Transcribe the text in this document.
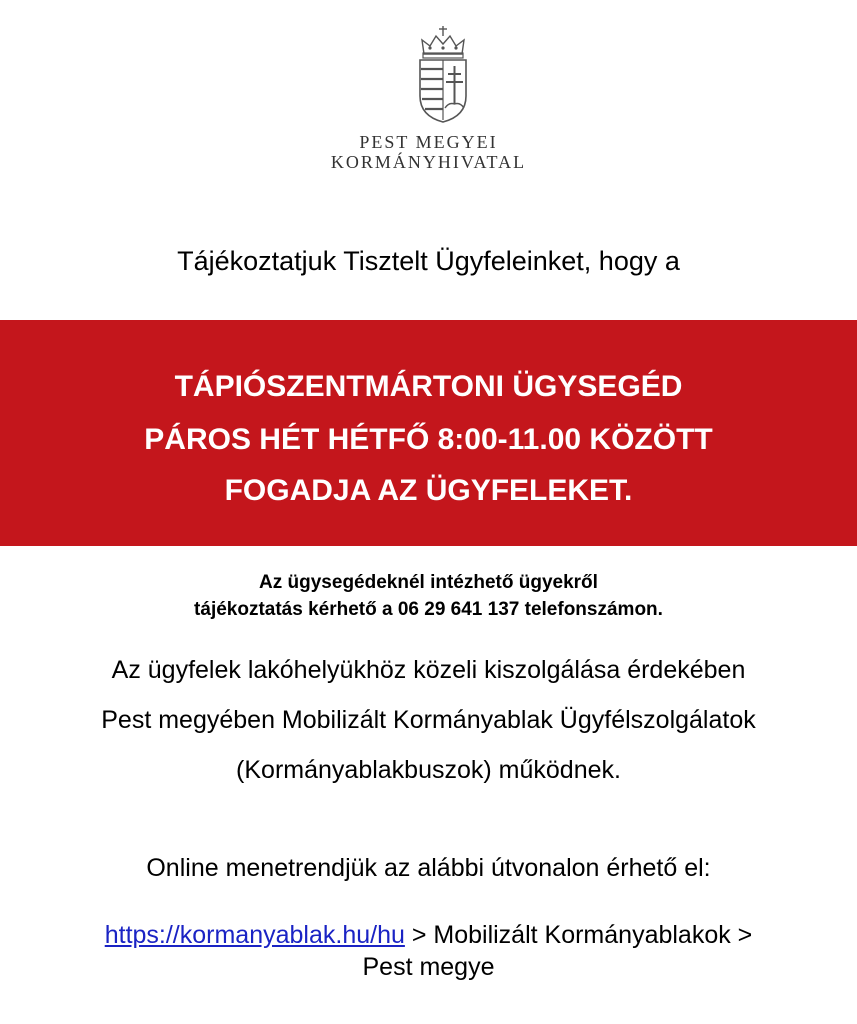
PEST MEGYEI
KORMÁNYHIVATAL
Tájékoztatjuk Tisztelt Ügyfeleinket, hogy a
TÁPIÓSZENTMÁRTONI ÜGYSEGÉD
PÁROS HÉT HÉTFŐ 8:00-11.00 KÖZÖTT
FOGADJA AZ ÜGYFELEKET.
Az ügysegédeknél intézhető ügyekről
tájékoztatás kérhető a 06 29 641 137 telefonszámon.
Az ügyfelek lakóhelyükhöz közeli kiszolgálása érdekében
Pest megyében Mobilizált Kormányablak Ügyfélszolgálatok
(Kormányablakbuszok) működnek.
Online menetrendjük az alábbi útvonalon érhető el:
https://kormanyablak.hu/hu > Mobilizált Kormányablakok >
Pest megye
